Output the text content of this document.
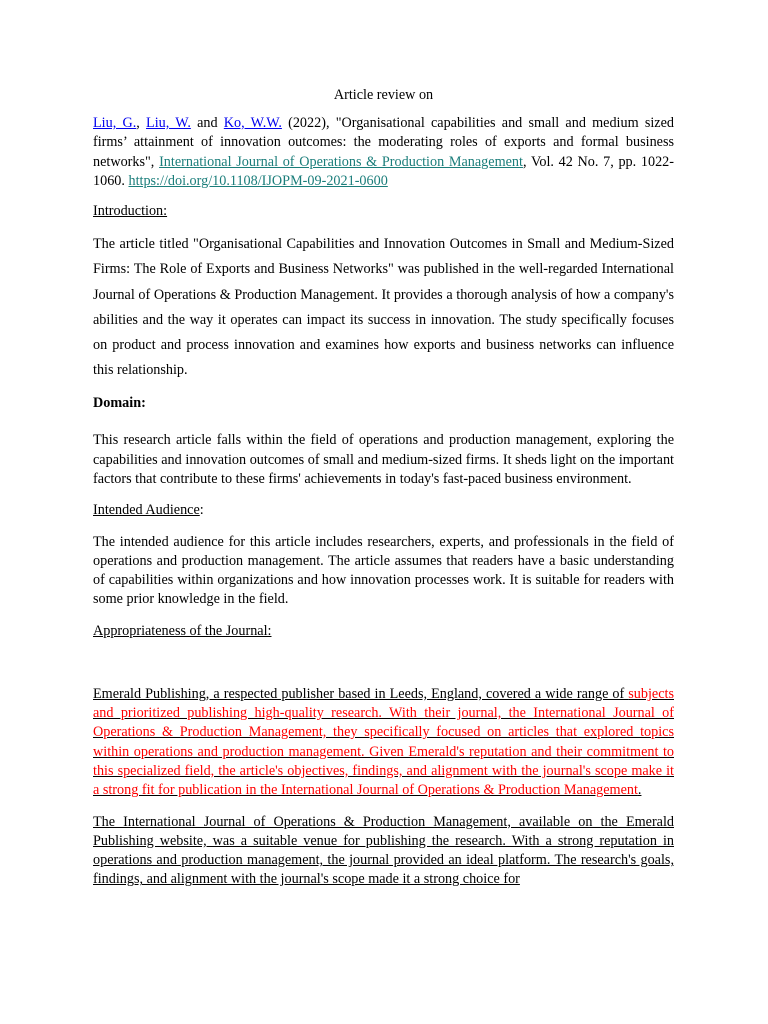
Article review on

Liu, G., Liu, W. and Ko, W.W. (2022), "Organisational capabilities and small and medium sized firms’ attainment of innovation outcomes: the moderating roles of exports and formal business networks", International Journal of Operations & Production Management, Vol. 42 No. 7, pp. 1022-1060. https://doi.org/10.1108/IJOPM-09-2021-0600

Introduction:

The article titled "Organisational Capabilities and Innovation Outcomes in Small and Medium-Sized Firms: The Role of Exports and Business Networks" was published in the well-regarded International Journal of Operations & Production Management. It provides a thorough analysis of how a company's abilities and the way it operates can impact its success in innovation. The study specifically focuses on product and process innovation and examines how exports and business networks can influence this relationship.

Domain:

This research article falls within the field of operations and production management, exploring the capabilities and innovation outcomes of small and medium-sized firms. It sheds light on the important factors that contribute to these firms' achievements in today's fast-paced business environment.

Intended Audience:

The intended audience for this article includes researchers, experts, and professionals in the field of operations and production management. The article assumes that readers have a basic understanding of capabilities within organizations and how innovation processes work. It is suitable for readers with some prior knowledge in the field.

Appropriateness of the Journal:

Emerald Publishing, a respected publisher based in Leeds, England, covered a wide range of subjects and prioritized publishing high-quality research. With their journal, the International Journal of Operations & Production Management, they specifically focused on articles that explored topics within operations and production management. Given Emerald's reputation and their commitment to this specialized field, the article's objectives, findings, and alignment with the journal's scope make it a strong fit for publication in the International Journal of Operations & Production Management.

The International Journal of Operations & Production Management, available on the Emerald Publishing website, was a suitable venue for publishing the research. With a strong reputation in operations and production management, the journal provided an ideal platform. The research's goals, findings, and alignment with the journal's scope made it a strong choice for
